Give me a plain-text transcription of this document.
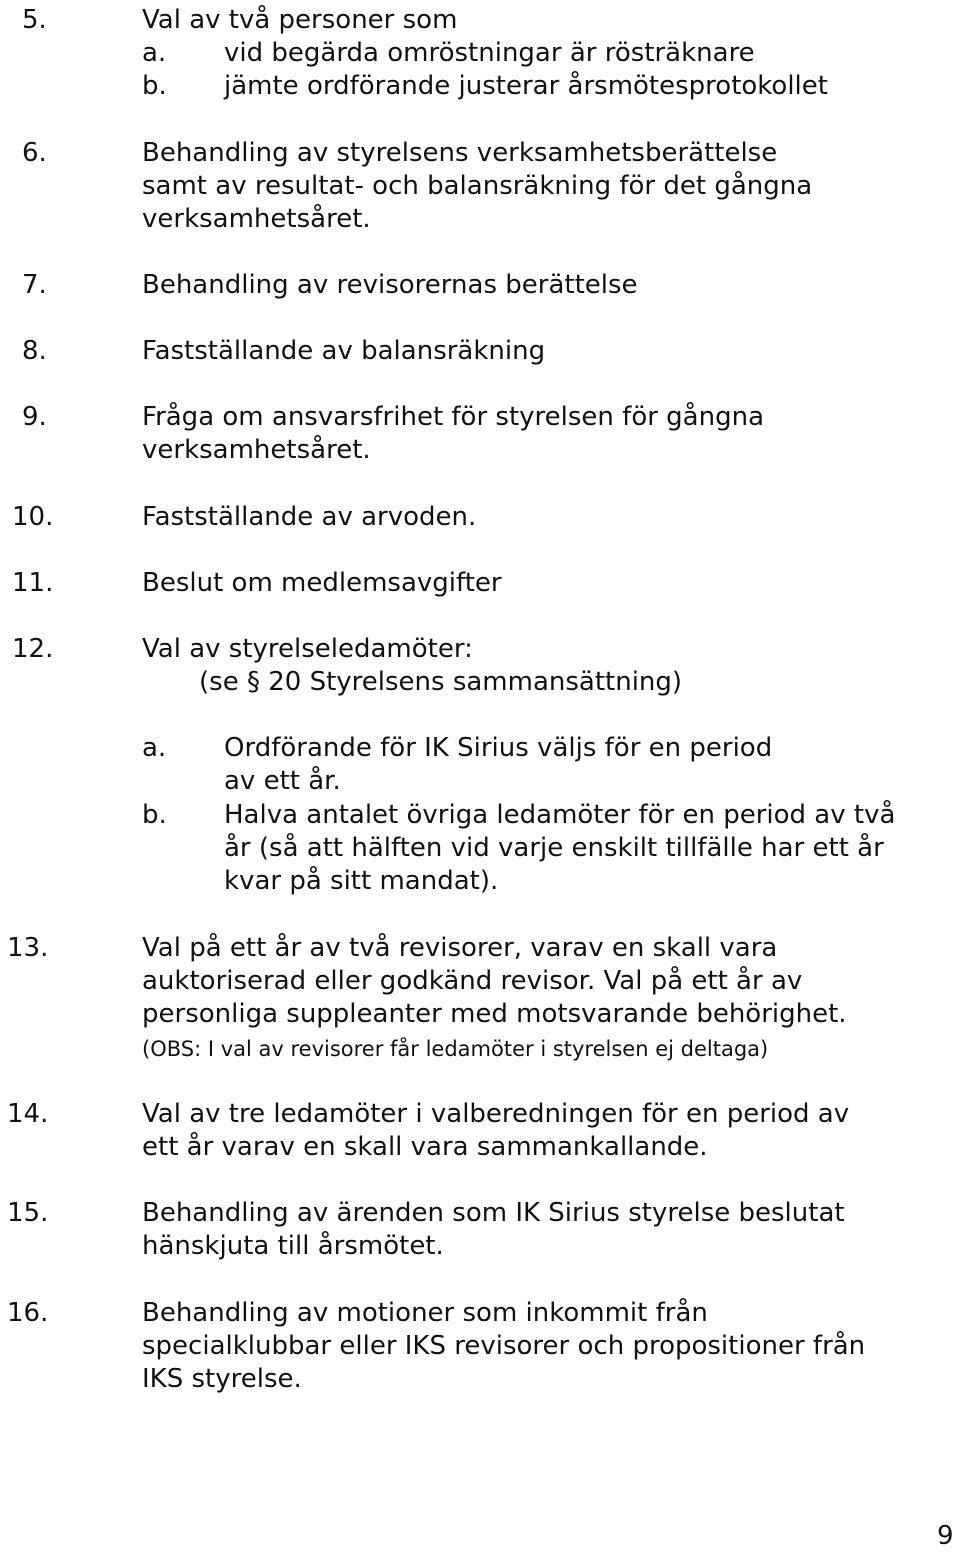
5.	Val av två personer som
a. vid begärda omröstningar är rösträknare
b. jämte ordförande justerar årsmötesprotokollet
6.	Behandling av styrelsens verksamhetsberättelse
samt av resultat- och balansräkning för det gångna
verksamhetsåret.
7.	Behandling av revisorernas berättelse
8.	Fastställande av balansräkning
9.	Fråga om ansvarsfrihet för styrelsen för gångna
verksamhetsåret.
10.	Fastställande av arvoden.
11.	Beslut om medlemsavgifter
12.	Val av styrelseledamöter:
(se § 20 Styrelsens sammansättning)
a. Ordförande för IK Sirius väljs för en period
av ett år.
b. Halva antalet övriga ledamöter för en period av två
år (så att hälften vid varje enskilt tillfälle har ett år
kvar på sitt mandat).
13.	Val på ett år av två revisorer, varav en skall vara
auktoriserad eller godkänd revisor. Val på ett år av
personliga suppleanter med motsvarande behörighet.
(OBS: I val av revisorer får ledamöter i styrelsen ej deltaga)
14.	Val av tre ledamöter i valberedningen för en period av
ett år varav en skall vara sammankallande.
15.	Behandling av ärenden som IK Sirius styrelse beslutat
hänskjuta till årsmötet.
16.	Behandling av motioner som inkommit från
specialklubbar eller IKS revisorer och propositioner från
IKS styrelse.
9
